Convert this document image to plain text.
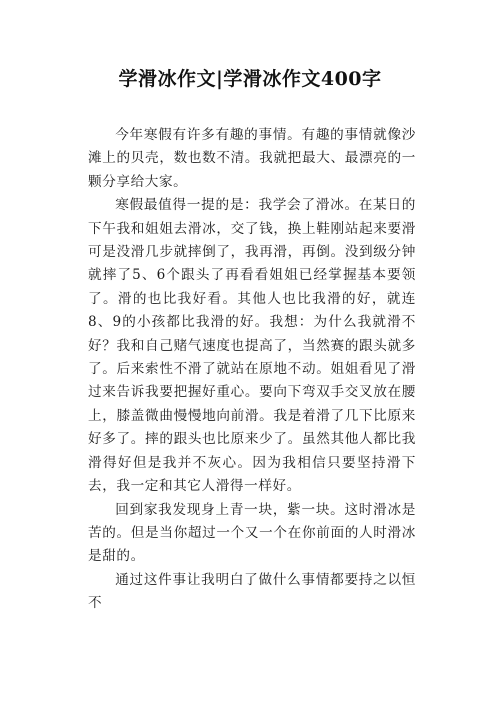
学滑冰作文|学滑冰作文400字

今年寒假有许多有趣的事情。有趣的事情就像沙滩上的贝壳，数也数不清。我就把最大、最漂亮的一颗分享给大家。

寒假最值得一提的是：我学会了滑冰。在某日的下午我和姐姐去滑冰，交了钱，换上鞋刚站起来要滑可是没滑几步就摔倒了，我再滑，再倒。没到级分钟就摔了5、6个跟头了再看看姐姐已经掌握基本要领了。滑的也比我好看。其他人也比我滑的好，就连8、9的小孩都比我滑的好。我想：为什么我就滑不好？我和自己赌气速度也提高了，当然赛的跟头就多了。后来索性不滑了就站在原地不动。姐姐看见了滑过来告诉我要把握好重心。要向下弯双手交叉放在腰上，膝盖微曲慢慢地向前滑。我是着滑了几下比原来好多了。摔的跟头也比原来少了。虽然其他人都比我滑得好但是我并不灰心。因为我相信只要坚持滑下去，我一定和其它人滑得一样好。

回到家我发现身上青一块，紫一块。这时滑冰是苦的。但是当你超过一个又一个在你前面的人时滑冰是甜的。

通过这件事让我明白了做什么事情都要持之以恒不
